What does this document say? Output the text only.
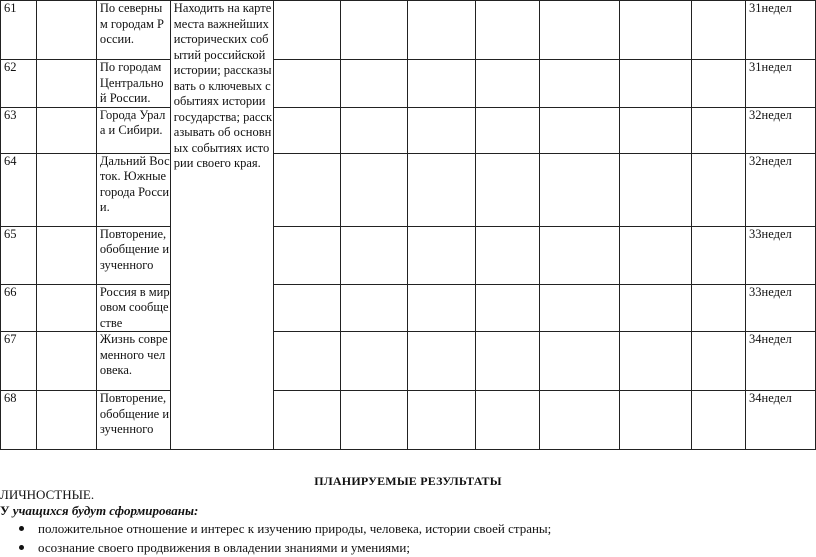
61		По северным городам России.	Находить на карте места важнейших исторических событий российской истории; рассказывать о ключевых событиях истории государства; рассказывать об основных событиях истории своего края.								31недел
62		По городам Центральной России.									31недел
63		Города Урала и Сибири.									32недел
64		Дальний Восток. Южные города России.									32недел
65		Повторение, обобщение изученного									33недел
66		Россия в мировом сообществе									33недел
67		Жизнь современного человека.									34недел
68		Повторение, обобщение изученного									34недел
ПЛАНИРУЕМЫЕ РЕЗУЛЬТАТЫ
ЛИЧНОСТНЫЕ.
У учащихся будут сформированы:
положительное отношение и интерес к изучению природы, человека, истории своей страны;
осознание своего продвижения в овладении знаниями и умениями;
